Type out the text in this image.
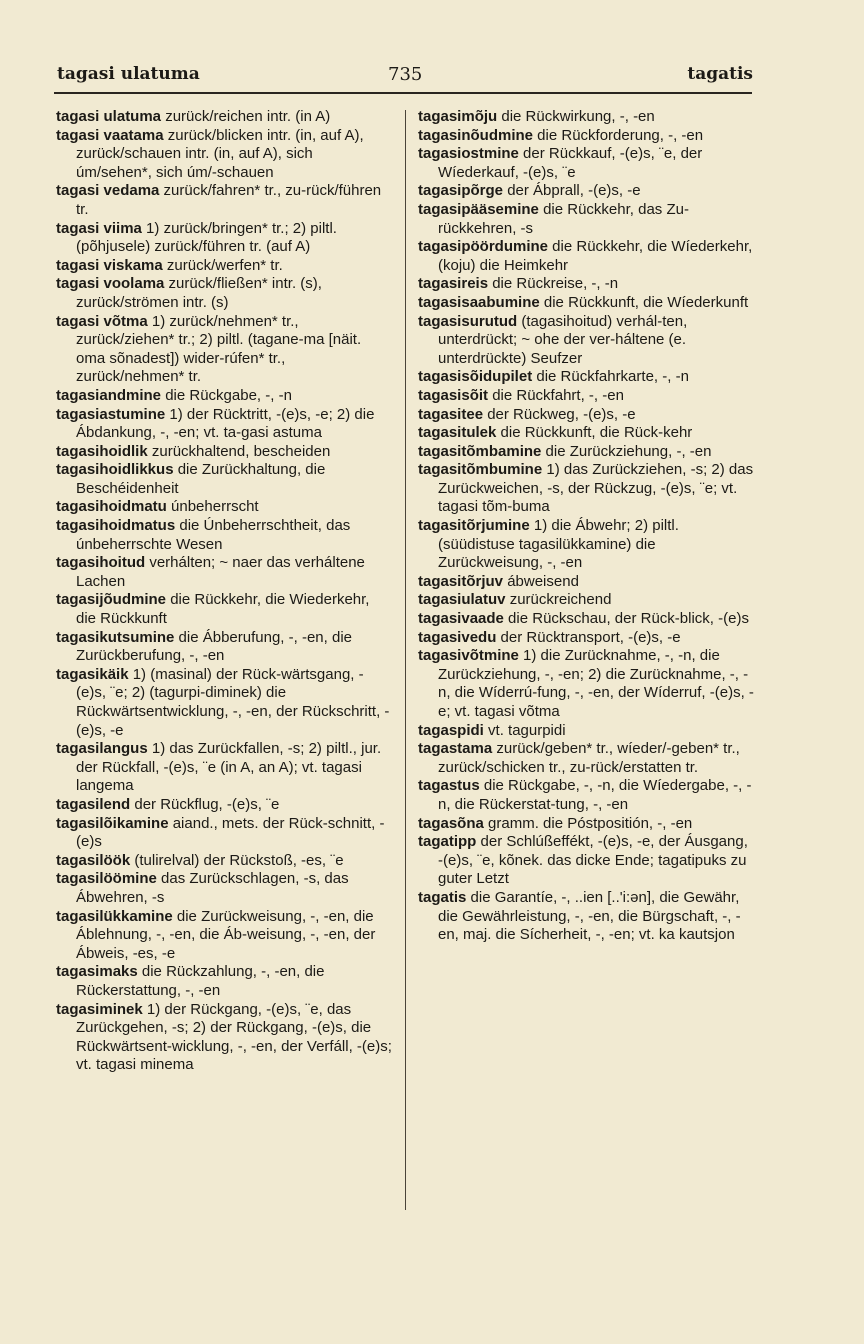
tagasi ulatuma	735	tagatis

tagasi ulatuma zurück/reichen intr. (in A)

tagasi vaatama zurück/blicken intr. (in, auf A), zurück/schauen intr. (in, auf A), sich úm/sehen*, sich úm/-schauen

tagasi vedama zurück/fahren* tr., zu-rück/führen tr.

tagasi viima 1) zurück/bringen* tr.; 2) piltl. (põhjusele) zurück/führen tr. (auf A)

tagasi viskama zurück/werfen* tr.

tagasi voolama zurück/fließen* intr. (s), zurück/strömen intr. (s)

tagasi võtma 1) zurück/nehmen* tr., zurück/ziehen* tr.; 2) piltl. (tagane-ma [näit. oma sõnadest]) wider-rúfen* tr., zurück/nehmen* tr.

tagasiandmine die Rückgabe, -, -n

tagasiastumine 1) der Rücktritt, -(e)s, -e; 2) die Ábdankung, -, -en; vt. ta-gasi astuma

tagasihoidlik zurückhaltend, bescheiden

tagasihoidlikkus die Zurückhaltung, die Beschéidenheit

tagasihoidmatu únbeherrscht

tagasihoidmatus die Únbeherrschtheit, das únbeherrschte Wesen

tagasihoitud verhálten; ~ naer das verháltene Lachen

tagasijõudmine die Rückkehr, die Wiederkehr, die Rückkunft

tagasikutsumine die Ábberufung, -, -en, die Zurückberufung, -, -en

tagasikäik 1) (masinal) der Rück-wärtsgang, -(e)s, ¨e; 2) (tagurpi-diminek) die Rückwärtsentwicklung, -, -en, der Rückschritt, -(e)s, -e

tagasilangus 1) das Zurückfallen, -s; 2) piltl., jur. der Rückfall, -(e)s, ¨e (in A, an A); vt. tagasi langema

tagasilend der Rückflug, -(e)s, ¨e

tagasilõikamine aiand., mets. der Rück-schnitt, -(e)s

tagasilöök (tulirelval) der Rückstoß, -es, ¨e

tagasilöömine das Zurückschlagen, -s, das Ábwehren, -s

tagasilükkamine die Zurückweisung, -, -en, die Áblehnung, -, -en, die Áb-weisung, -, -en, der Ábweis, -es, -e

tagasimaks die Rückzahlung, -, -en, die Rückerstattung, -, -en

tagasiminek 1) der Rückgang, -(e)s, ¨e, das Zurückgehen, -s; 2) der Rückgang, -(e)s, die Rückwärtsent-wicklung, -, -en, der Verfáll, -(e)s; vt. tagasi minema

tagasimõju die Rückwirkung, -, -en

tagasinõudmine die Rückforderung, -, -en

tagasiostmine der Rückkauf, -(e)s, ¨e, der Wíederkauf, -(e)s, ¨e

tagasipõrge der Ábprall, -(e)s, -e

tagasipääsemine die Rückkehr, das Zu-rückkehren, -s

tagasipöördumine die Rückkehr, die Wíederkehr, (koju) die Heimkehr

tagasireis die Rückreise, -, -n

tagasisaabumine die Rückkunft, die Wíederkunft

tagasisurutud (tagasihoitud) verhál-ten, unterdrückt; ~ ohe der ver-háltene (e. unterdrückte) Seufzer

tagasisõidupilet die Rückfahrkarte, -, -n

tagasisõit die Rückfahrt, -, -en

tagasitee der Rückweg, -(e)s, -e

tagasitulek die Rückkunft, die Rück-kehr

tagasitõmbamine die Zurückziehung, -, -en

tagasitõmbumine 1) das Zurückziehen, -s; 2) das Zurückweichen, -s, der Rückzug, -(e)s, ¨e; vt. tagasi tõm-buma

tagasitõrjumine 1) die Ábwehr; 2) piltl. (süüdistuse tagasilükkamine) die Zurückweisung, -, -en

tagasitõrjuv ábweisend

tagasiulatuv zurückreichend

tagasivaade die Rückschau, der Rück-blick, -(e)s

tagasivedu der Rücktransport, -(e)s, -e

tagasivõtmine 1) die Zurücknahme, -, -n, die Zurückziehung, -, -en; 2) die Zurücknahme, -, -n, die Wíderrú-fung, -, -en, der Wíderruf, -(e)s, -e; vt. tagasi võtma

tagaspidi vt. tagurpidi

tagastama zurück/geben* tr., wíeder/-geben* tr., zurück/schicken tr., zu-rück/erstatten tr.

tagastus die Rückgabe, -, -n, die Wíedergabe, -, -n, die Rückerstat-tung, -, -en

tagasõna gramm. die Póstpositión, -, -en

tagatipp der Schlúßeffékt, -(e)s, -e, der Áusgang, -(e)s, ¨e, kõnek. das dicke Ende; tagatipuks zu guter Letzt

tagatis die Garantíe, -, ..ien [..'i:ən], die Gewähr, die Gewährleistung, -, -en, die Bürgschaft, -, -en, maj. die Sícherheit, -, -en; vt. ka kautsjon
